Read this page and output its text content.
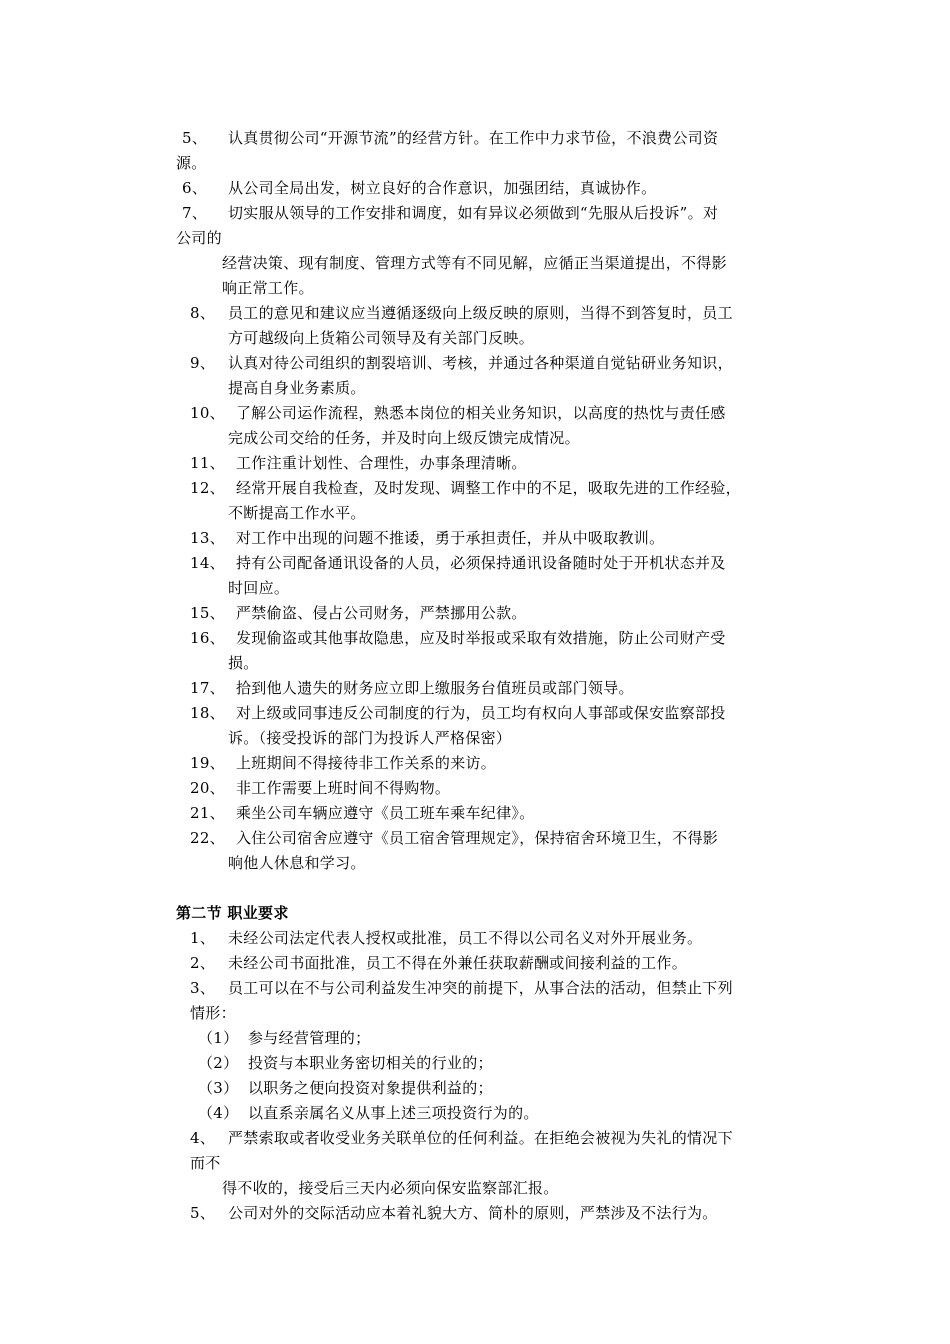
5、 认真贯彻公司“开源节流”的经营方针。在工作中力求节俭，不浪费公司资
源。
6、 从公司全局出发，树立良好的合作意识，加强团结，真诚协作。
7、 切实服从领导的工作安排和调度，如有异议必须做到“先服从后投诉”。对
公司的
经营决策、现有制度、管理方式等有不同见解，应循正当渠道提出，不得影
响正常工作。
8、 员工的意见和建议应当遵循逐级向上级反映的原则，当得不到答复时，员工
方可越级向上货箱公司领导及有关部门反映。
9、 认真对待公司组织的割裂培训、考核，并通过各种渠道自觉钻研业务知识，
提高自身业务素质。
10、 了解公司运作流程，熟悉本岗位的相关业务知识，以高度的热忱与责任感
完成公司交给的任务，并及时向上级反馈完成情况。
11、 工作注重计划性、合理性，办事条理清晰。
12、 经常开展自我检查，及时发现、调整工作中的不足，吸取先进的工作经验，
不断提高工作水平。
13、 对工作中出现的问题不推诿，勇于承担责任，并从中吸取教训。
14、 持有公司配备通讯设备的人员，必须保持通讯设备随时处于开机状态并及
时回应。
15、 严禁偷盗、侵占公司财务，严禁挪用公款。
16、 发现偷盗或其他事故隐患，应及时举报或采取有效措施，防止公司财产受
损。
17、 拾到他人遗失的财务应立即上缴服务台值班员或部门领导。
18、 对上级或同事违反公司制度的行为，员工均有权向人事部或保安监察部投
诉。（接受投诉的部门为投诉人严格保密）
19、 上班期间不得接待非工作关系的来访。
20、 非工作需要上班时间不得购物。
21、 乘坐公司车辆应遵守《员工班车乘车纪律》。
22、 入住公司宿舍应遵守《员工宿舍管理规定》，保持宿舍环境卫生，不得影
响他人休息和学习。
第二节 职业要求
1、 未经公司法定代表人授权或批准，员工不得以公司名义对外开展业务。
2、 未经公司书面批准，员工不得在外兼任获取薪酬或间接利益的工作。
3、 员工可以在不与公司利益发生冲突的前提下，从事合法的活动，但禁止下列
情形：
（1） 参与经营管理的；
（2） 投资与本职业务密切相关的行业的；
（3） 以职务之便向投资对象提供利益的；
（4） 以直系亲属名义从事上述三项投资行为的。
4、 严禁索取或者收受业务关联单位的任何利益。在拒绝会被视为失礼的情况下
而不
得不收的，接受后三天内必须向保安监察部汇报。
5、 公司对外的交际活动应本着礼貌大方、简朴的原则，严禁涉及不法行为。
